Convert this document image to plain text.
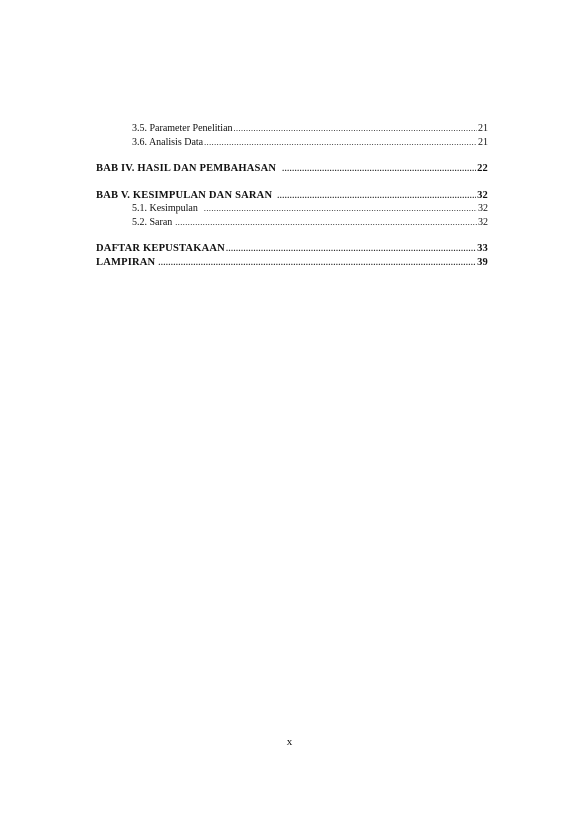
3.5. Parameter Penelitian .....	21
3.6. Analisis Data .....	21
BAB IV. HASIL DAN PEMBAHASAN .....	22
BAB V. KESIMPULAN DAN SARAN .....	32
5.1. Kesimpulan .....	32
5.2. Saran .....	32
DAFTAR KEPUSTAKAAN .....	33
LAMPIRAN .....	39
x
